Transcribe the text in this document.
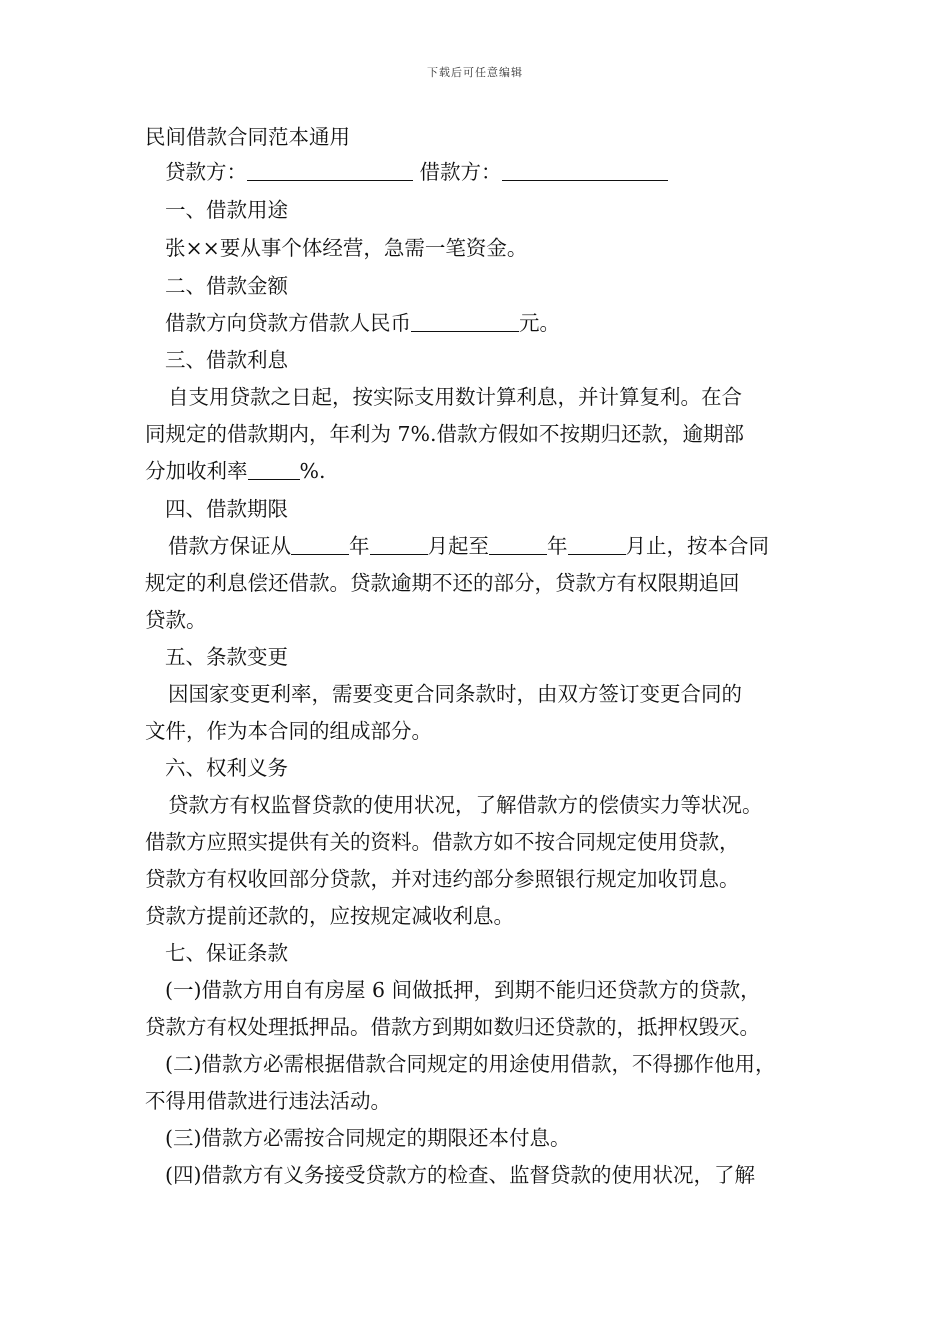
下载后可任意编辑
民间借款合同范本通用
贷款方：	借款方：
一、借款用途
张××要从事个体经营，急需一笔资金。
二、借款金额
借款方向贷款方借款人民币	元。
三、借款利息
自支用贷款之日起，按实际支用数计算利息，并计算复利。在合
同规定的借款期内，年利为 7%.借款方假如不按期归还款，逾期部
分加收利率	%.
四、借款期限
借款方保证从	年	月起至	年	月止，按本合同
规定的利息偿还借款。贷款逾期不还的部分，贷款方有权限期追回
贷款。
五、条款变更
因国家变更利率，需要变更合同条款时，由双方签订变更合同的
文件，作为本合同的组成部分。
六、权利义务
贷款方有权监督贷款的使用状况，了解借款方的偿债实力等状况。
借款方应照实提供有关的资料。借款方如不按合同规定使用贷款，
贷款方有权收回部分贷款，并对违约部分参照银行规定加收罚息。
贷款方提前还款的，应按规定减收利息。
七、保证条款
(一)借款方用自有房屋 6 间做抵押，到期不能归还贷款方的贷款，
贷款方有权处理抵押品。借款方到期如数归还贷款的，抵押权毁灭。
(二)借款方必需根据借款合同规定的用途使用借款，不得挪作他用，
不得用借款进行违法活动。
(三)借款方必需按合同规定的期限还本付息。
(四)借款方有义务接受贷款方的检查、监督贷款的使用状况，了解
